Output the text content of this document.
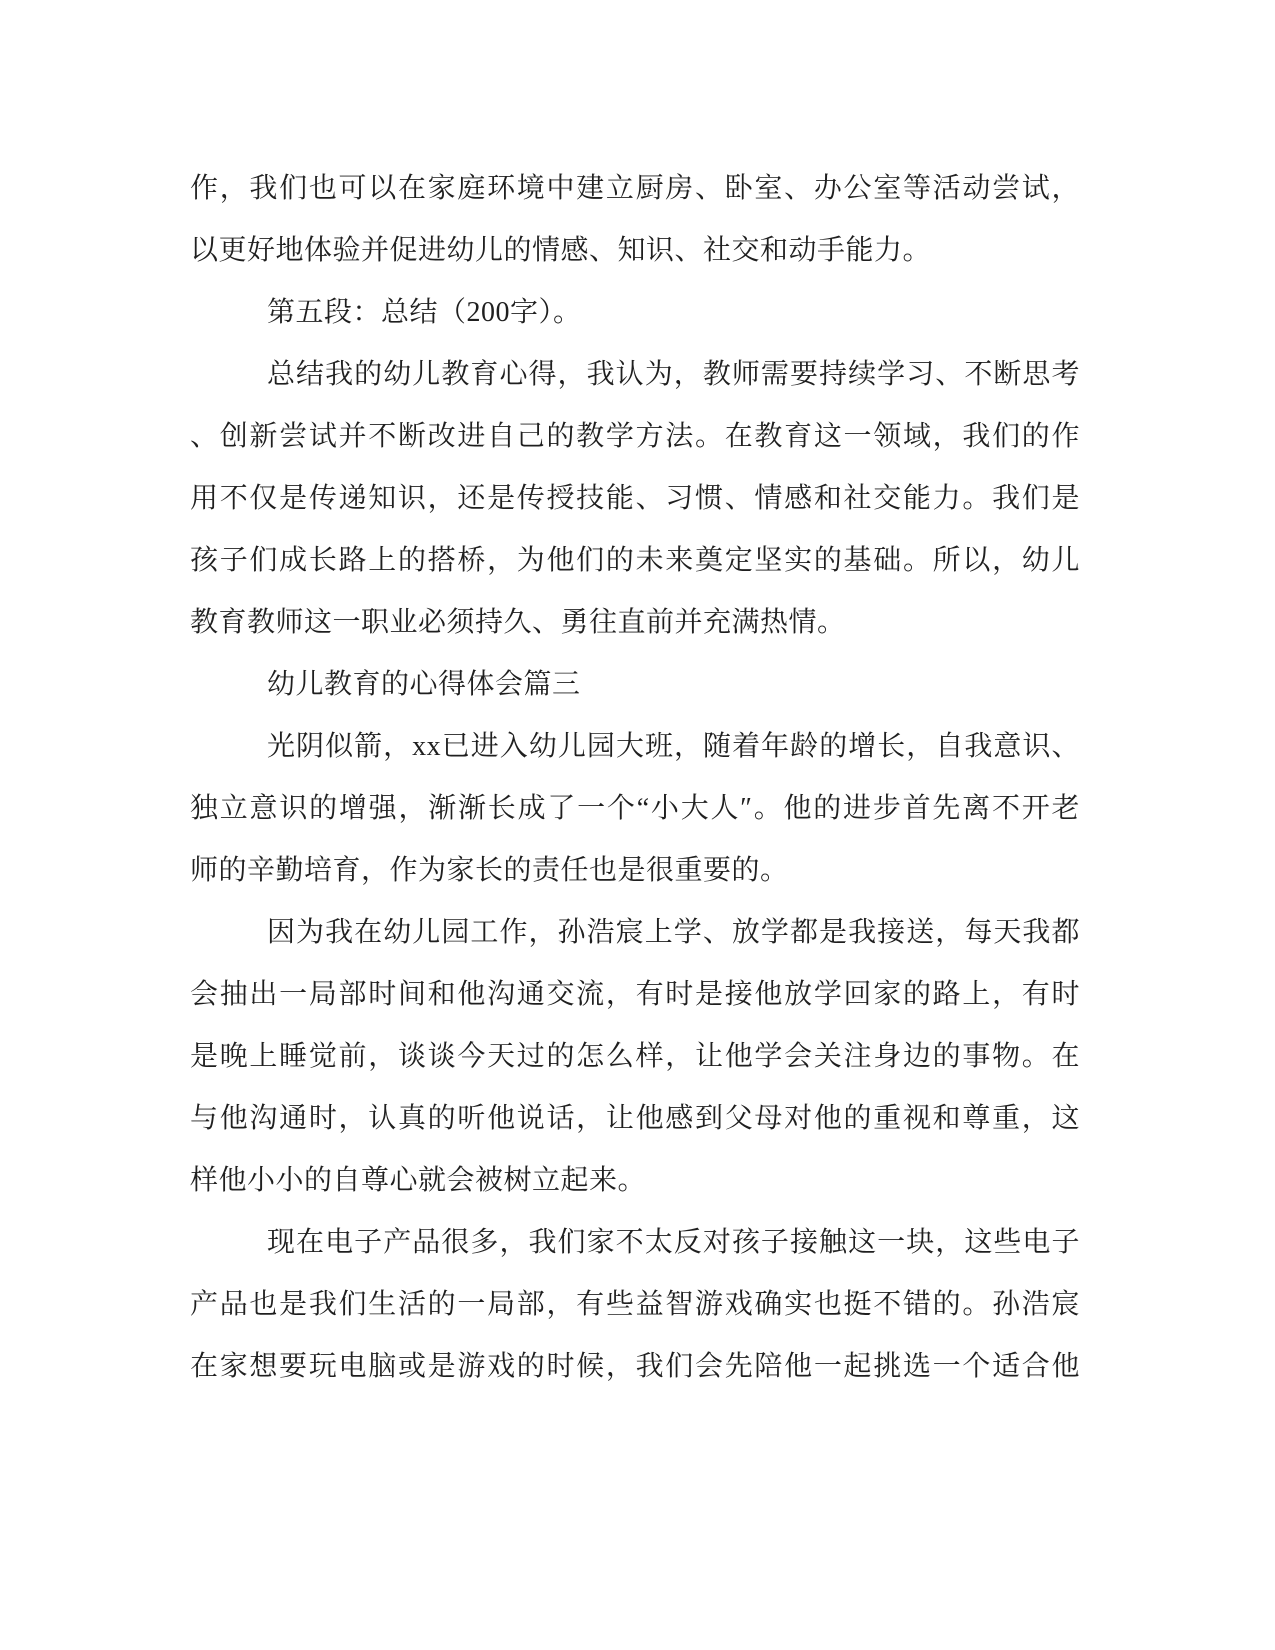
作，我们也可以在家庭环境中建立厨房、卧室、办公室等活动尝试，

以更好地体验并促进幼儿的情感、知识、社交和动手能力。

第五段：总结（200字）。

总结我的幼儿教育心得，我认为，教师需要持续学习、不断思考

、创新尝试并不断改进自己的教学方法。在教育这一领域，我们的作

用不仅是传递知识，还是传授技能、习惯、情感和社交能力。我们是

孩子们成长路上的搭桥，为他们的未来奠定坚实的基础。所以，幼儿

教育教师这一职业必须持久、勇往直前并充满热情。

幼儿教育的心得体会篇三

光阴似箭，xx已进入幼儿园大班，随着年龄的增长，自我意识、

独立意识的增强，渐渐长成了一个“小大人″。他的进步首先离不开老

师的辛勤培育，作为家长的责任也是很重要的。

因为我在幼儿园工作，孙浩宸上学、放学都是我接送，每天我都

会抽出一局部时间和他沟通交流，有时是接他放学回家的路上，有时

是晚上睡觉前，谈谈今天过的怎么样，让他学会关注身边的事物。在

与他沟通时，认真的听他说话，让他感到父母对他的重视和尊重，这

样他小小的自尊心就会被树立起来。

现在电子产品很多，我们家不太反对孩子接触这一块，这些电子

产品也是我们生活的一局部，有些益智游戏确实也挺不错的。孙浩宸

在家想要玩电脑或是游戏的时候，我们会先陪他一起挑选一个适合他
